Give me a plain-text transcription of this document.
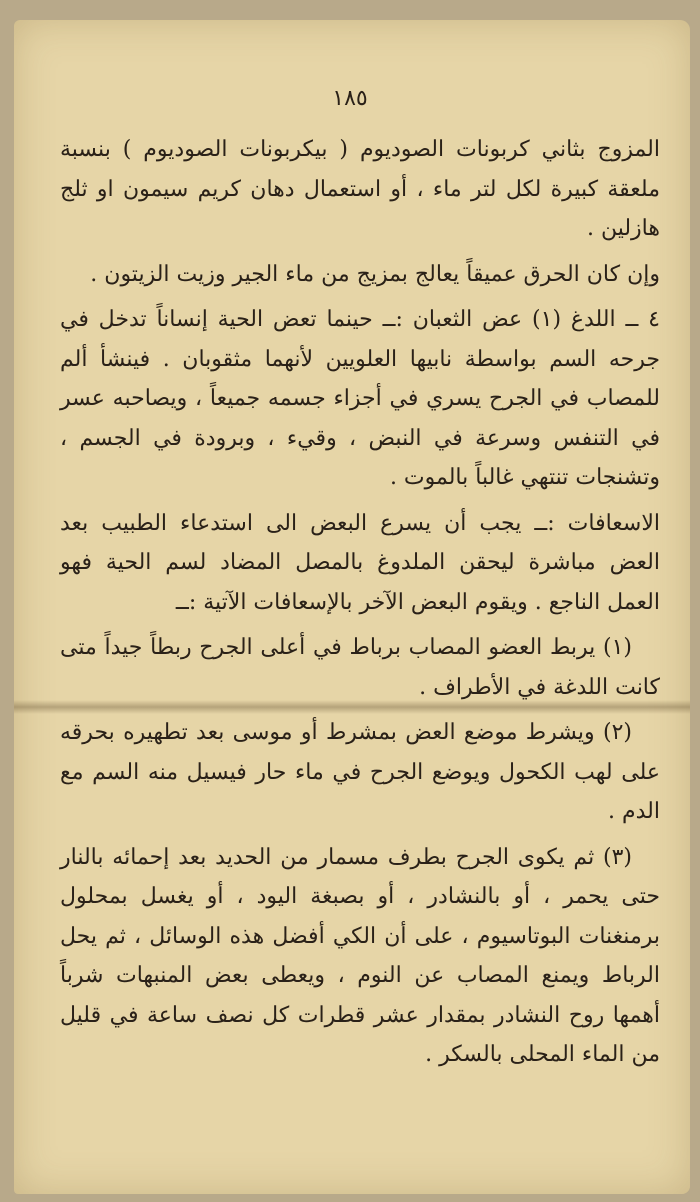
١٨٥

المزوج بثاني كربونات الصوديوم ( بيكربونات الصوديوم ) بنسبة ملعقة كبيرة لكل لتر ماء ، أو استعمال دهان كريم سيمون او ثلج هازلين .

وإن كان الحرق عميقاً يعالج بمزيج من ماء الجير وزيت الزيتون .

٤ ــ اللدغ (١) عض الثعبان :ــ حينما تعض الحية إنساناً تدخل في جرحه السم بواسطة نابيها العلويين لأنهما مثقوبان . فينشأ ألم للمصاب في الجرح يسري في أجزاء جسمه جميعاً ، ويصاحبه عسر في التنفس وسرعة في النبض ، وقيء ، وبرودة في الجسم ، وتشنجات تنتهي غالباً بالموت .

الاسعافات :ــ يجب أن يسرع البعض الى استدعاء الطبيب بعد العض مباشرة ليحقن الملدوغ بالمصل المضاد لسم الحية فهو العمل الناجع . ويقوم البعض الآخر بالإسعافات الآتية :ــ

(١) يربط العضو المصاب برباط في أعلى الجرح ربطاً جيداً متى كانت اللدغة في الأطراف .

(٢) ويشرط موضع العض بمشرط أو موسى بعد تطهيره بحرقه على لهب الكحول ويوضع الجرح في ماء حار فيسيل منه السم مع الدم .

(٣) ثم يكوى الجرح بطرف مسمار من الحديد بعد إحمائه بالنار حتى يحمر ، أو بالنشادر ، أو بصبغة اليود ، أو يغسل بمحلول برمنغنات البوتاسيوم ، على أن الكي أفضل هذه الوسائل ، ثم يحل الرباط ويمنع المصاب عن النوم ، ويعطى بعض المنبهات شرباً أهمها روح النشادر بمقدار عشر قطرات كل نصف ساعة في قليل من الماء المحلى بالسكر .
